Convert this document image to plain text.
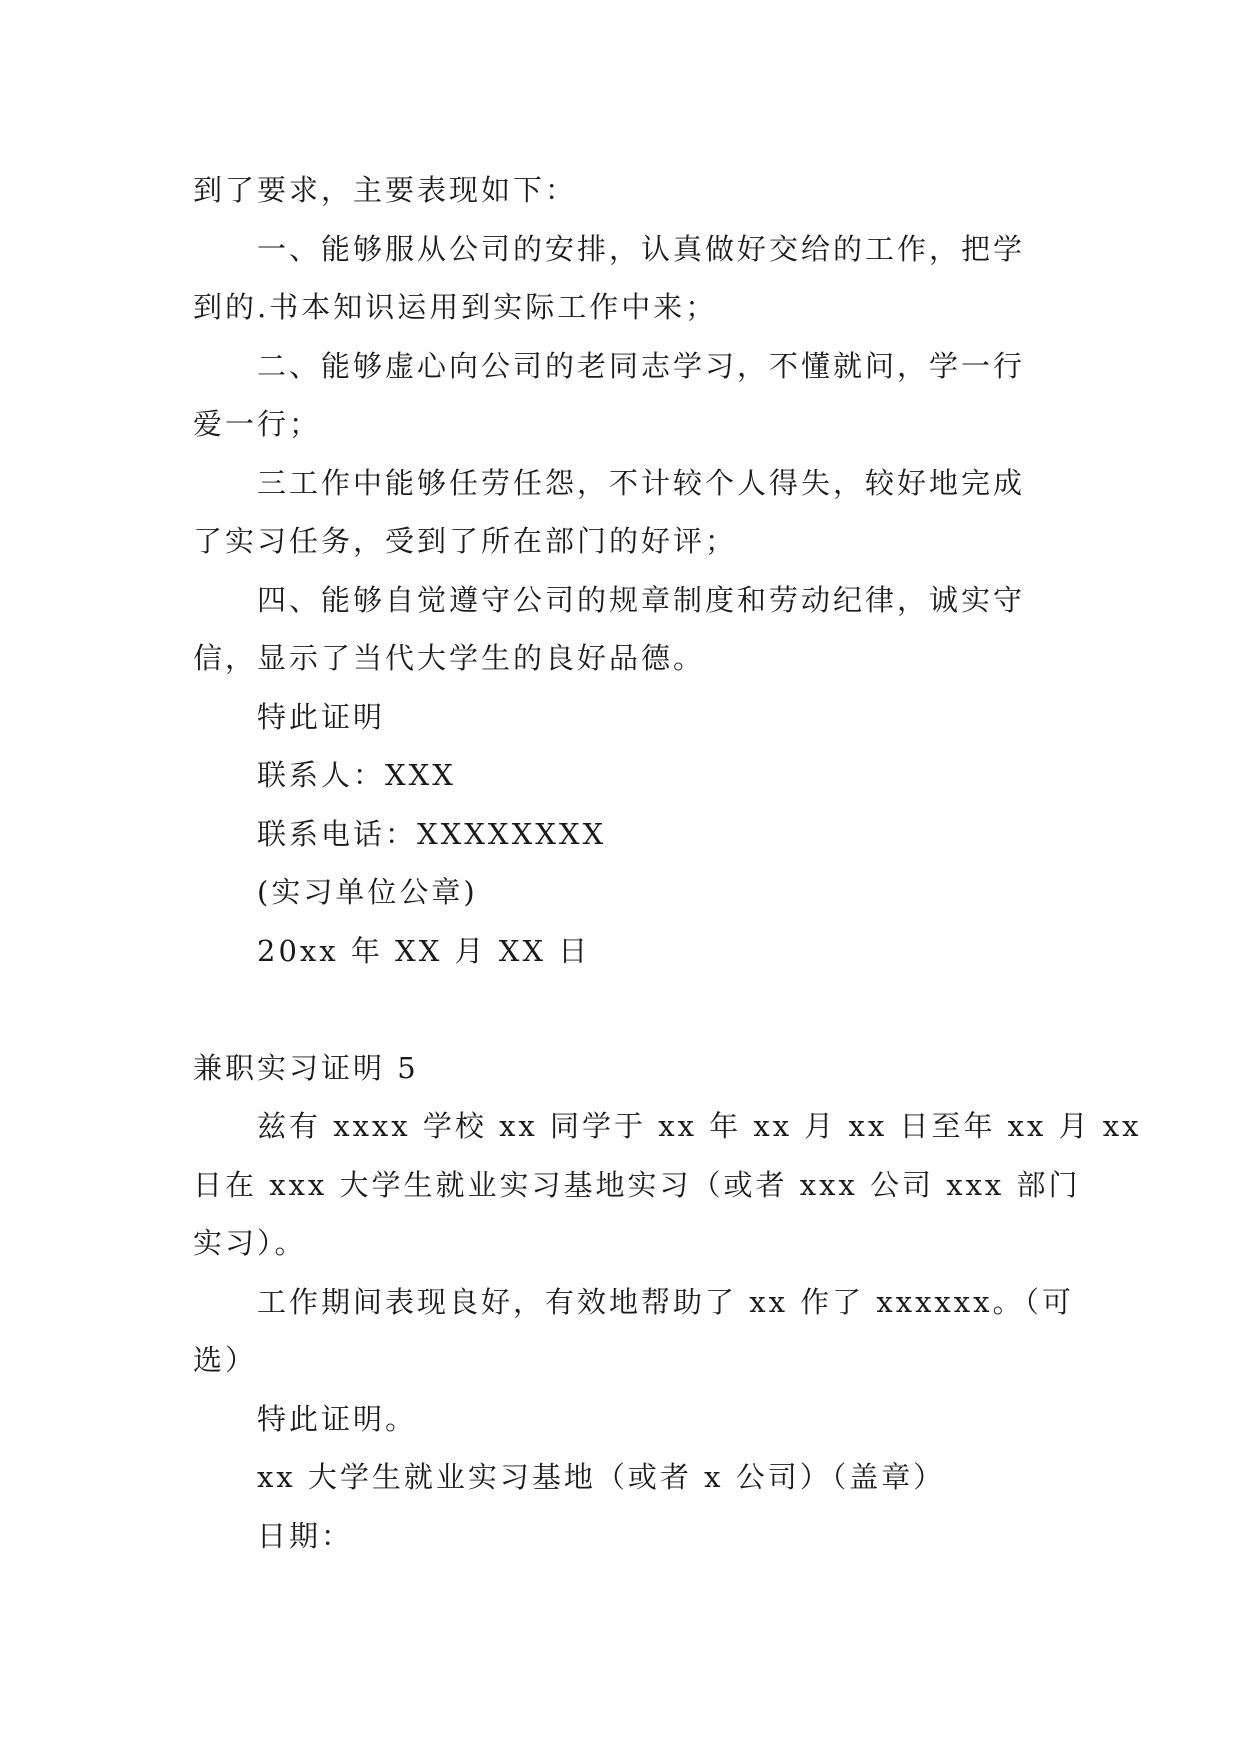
到了要求，主要表现如下：
一、能够服从公司的安排，认真做好交给的工作，把学
到的.书本知识运用到实际工作中来；
二、能够虚心向公司的老同志学习，不懂就问，学一行
爱一行；
三工作中能够任劳任怨，不计较个人得失，较好地完成
了实习任务，受到了所在部门的好评；
四、能够自觉遵守公司的规章制度和劳动纪律，诚实守
信，显示了当代大学生的良好品德。
特此证明
联系人：XXX
联系电话：XXXXXXXX
(实习单位公章)
20xx 年 XX 月 XX 日
兼职实习证明 5
兹有 xxxx 学校 xx 同学于 xx 年 xx 月 xx 日至年 xx 月 xx
日在 xxx 大学生就业实习基地实习（或者 xxx 公司 xxx 部门
实习）。
工作期间表现良好，有效地帮助了 xx 作了 xxxxxx。（可
选）
特此证明。
xx 大学生就业实习基地（或者 x 公司）（盖章）
日期：
